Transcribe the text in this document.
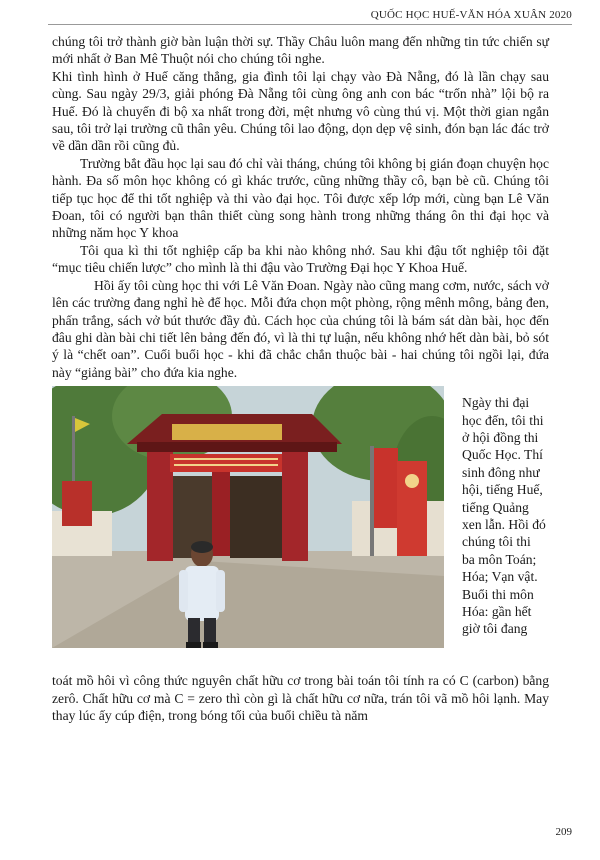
QUỐC HỌC HUẾ-VĂN HÓA XUÂN 2020

chúng tôi trở thành giờ bàn luận thời sự. Thầy Châu luôn mang đến những tin tức chiến sự mới nhất ở Ban Mê Thuột nói cho chúng tôi nghe.

Khi tình hình ở Huế căng thẳng, gia đình tôi lại chạy vào Đà Nẵng, đó là lần chạy sau cùng. Sau ngày 29/3, giải phóng Đà Nẵng tôi cùng ông anh con bác “trốn nhà” lội bộ ra Huế. Đó là chuyến đi bộ xa nhất trong đời, mệt nhưng vô cùng thú vị. Một thời gian ngắn sau, tôi trở lại trường cũ thân yêu. Chúng tôi lao động, dọn dẹp vệ sinh, đón bạn lác đác trở về dần dần rồi cũng đủ.

Trường bắt đầu học lại sau đó chỉ vài tháng, chúng tôi không bị gián đoạn chuyện học hành. Đa số môn học không có gì khác trước, cũng những thầy cô, bạn bè cũ. Chúng tôi tiếp tục học để thi tốt nghiệp và thi vào đại học. Tôi được xếp lớp mới, cùng bạn Lê Văn Đoan, tôi có người bạn thân thiết cùng song hành trong những tháng ôn thi đại học và những năm học Y khoa

Tôi qua kì thi tốt nghiệp cấp ba khi nào không nhớ. Sau khi đậu tốt nghiệp tôi đặt “mục tiêu chiến lược” cho mình là thi đậu vào Trường Đại học Y Khoa Huế.

Hồi ấy tôi cùng học thi với Lê Văn Đoan. Ngày nào cũng mang cơm, nước, sách vở lên các trường đang nghỉ hè để học. Mỗi đứa chọn một phòng, rộng mênh mông, bảng đen, phấn trắng, sách vở bút thước đầy đủ. Cách học của chúng tôi là bám sát dàn bài, học đến đâu ghi dàn bài chi tiết lên bảng đến đó, vì là thi tự luận, nếu không nhớ hết dàn bài, bỏ sót ý là “chết oan”. Cuối buổi học - khi đã chắc chắn thuộc bài - hai chúng tôi ngồi lại, đứa này “giảng bài” cho đứa kia nghe.

Ngày thi đại
học đến, tôi thi
ở hội đồng thi
Quốc Học. Thí
sinh đông như
hội, tiếng Huế,
tiếng Quảng
xen lẫn. Hồi đó
chúng tôi thi
ba môn Toán;
Hóa; Vạn vật.
Buổi thi môn
Hóa: gần hết
giờ tôi đang

toát mồ hôi vì công thức nguyên chất hữu cơ trong bài toán tôi tính ra có C (carbon) bằng zerô. Chất hữu cơ mà C = zero thì còn gì là chất hữu cơ nữa, trán tôi vã mồ hôi lạnh. May thay lúc ấy cúp điện, trong bóng tối của buổi chiều tà năm

209
